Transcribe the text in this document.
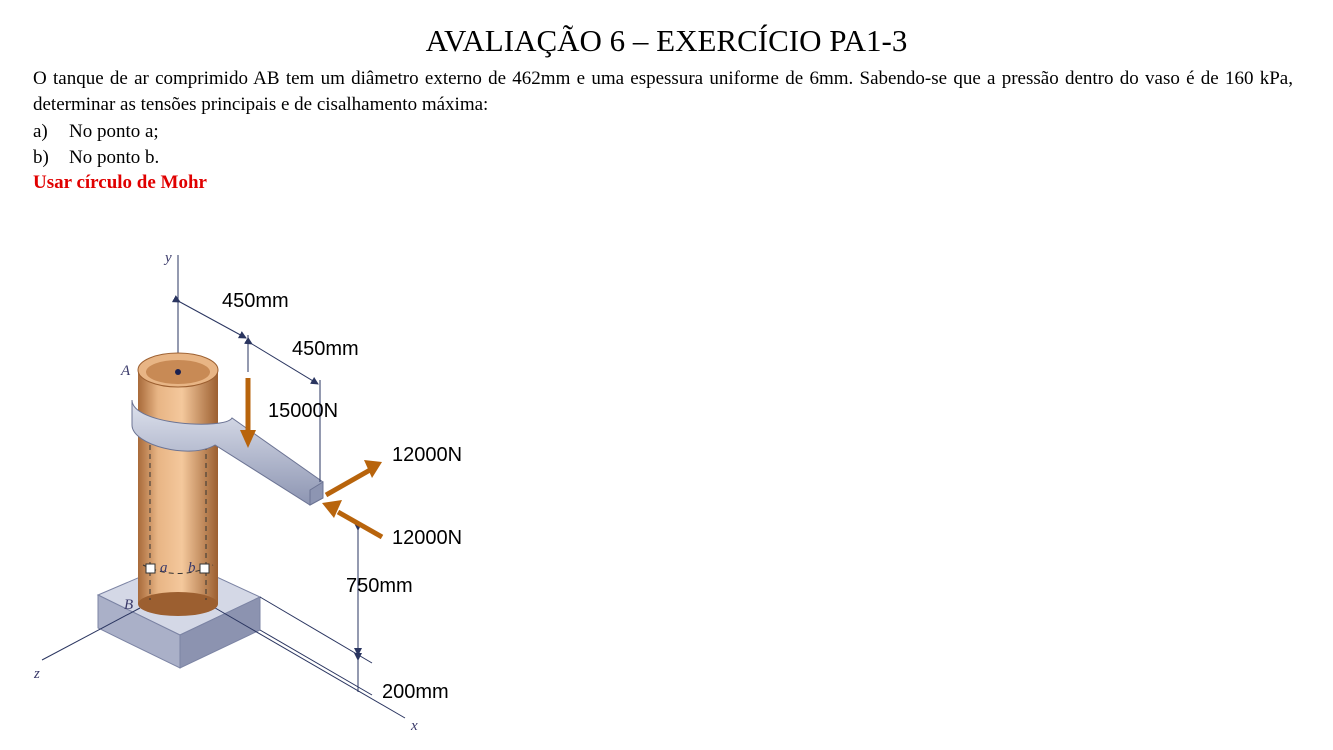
AVALIAÇÃO 6 – EXERCÍCIO PA1-3
O tanque de ar comprimido AB tem um diâmetro externo de 462mm e uma espessura uniforme de 6mm. Sabendo-se que a pressão dentro do vaso é de 160 kPa, determinar as tensões principais e de cisalhamento máxima:
a) No ponto a;
b) No ponto b.
Usar círculo de Mohr
y
z
x
A
B
a b
450mm
450mm
15000N
12000N
12000N
750mm
200mm
